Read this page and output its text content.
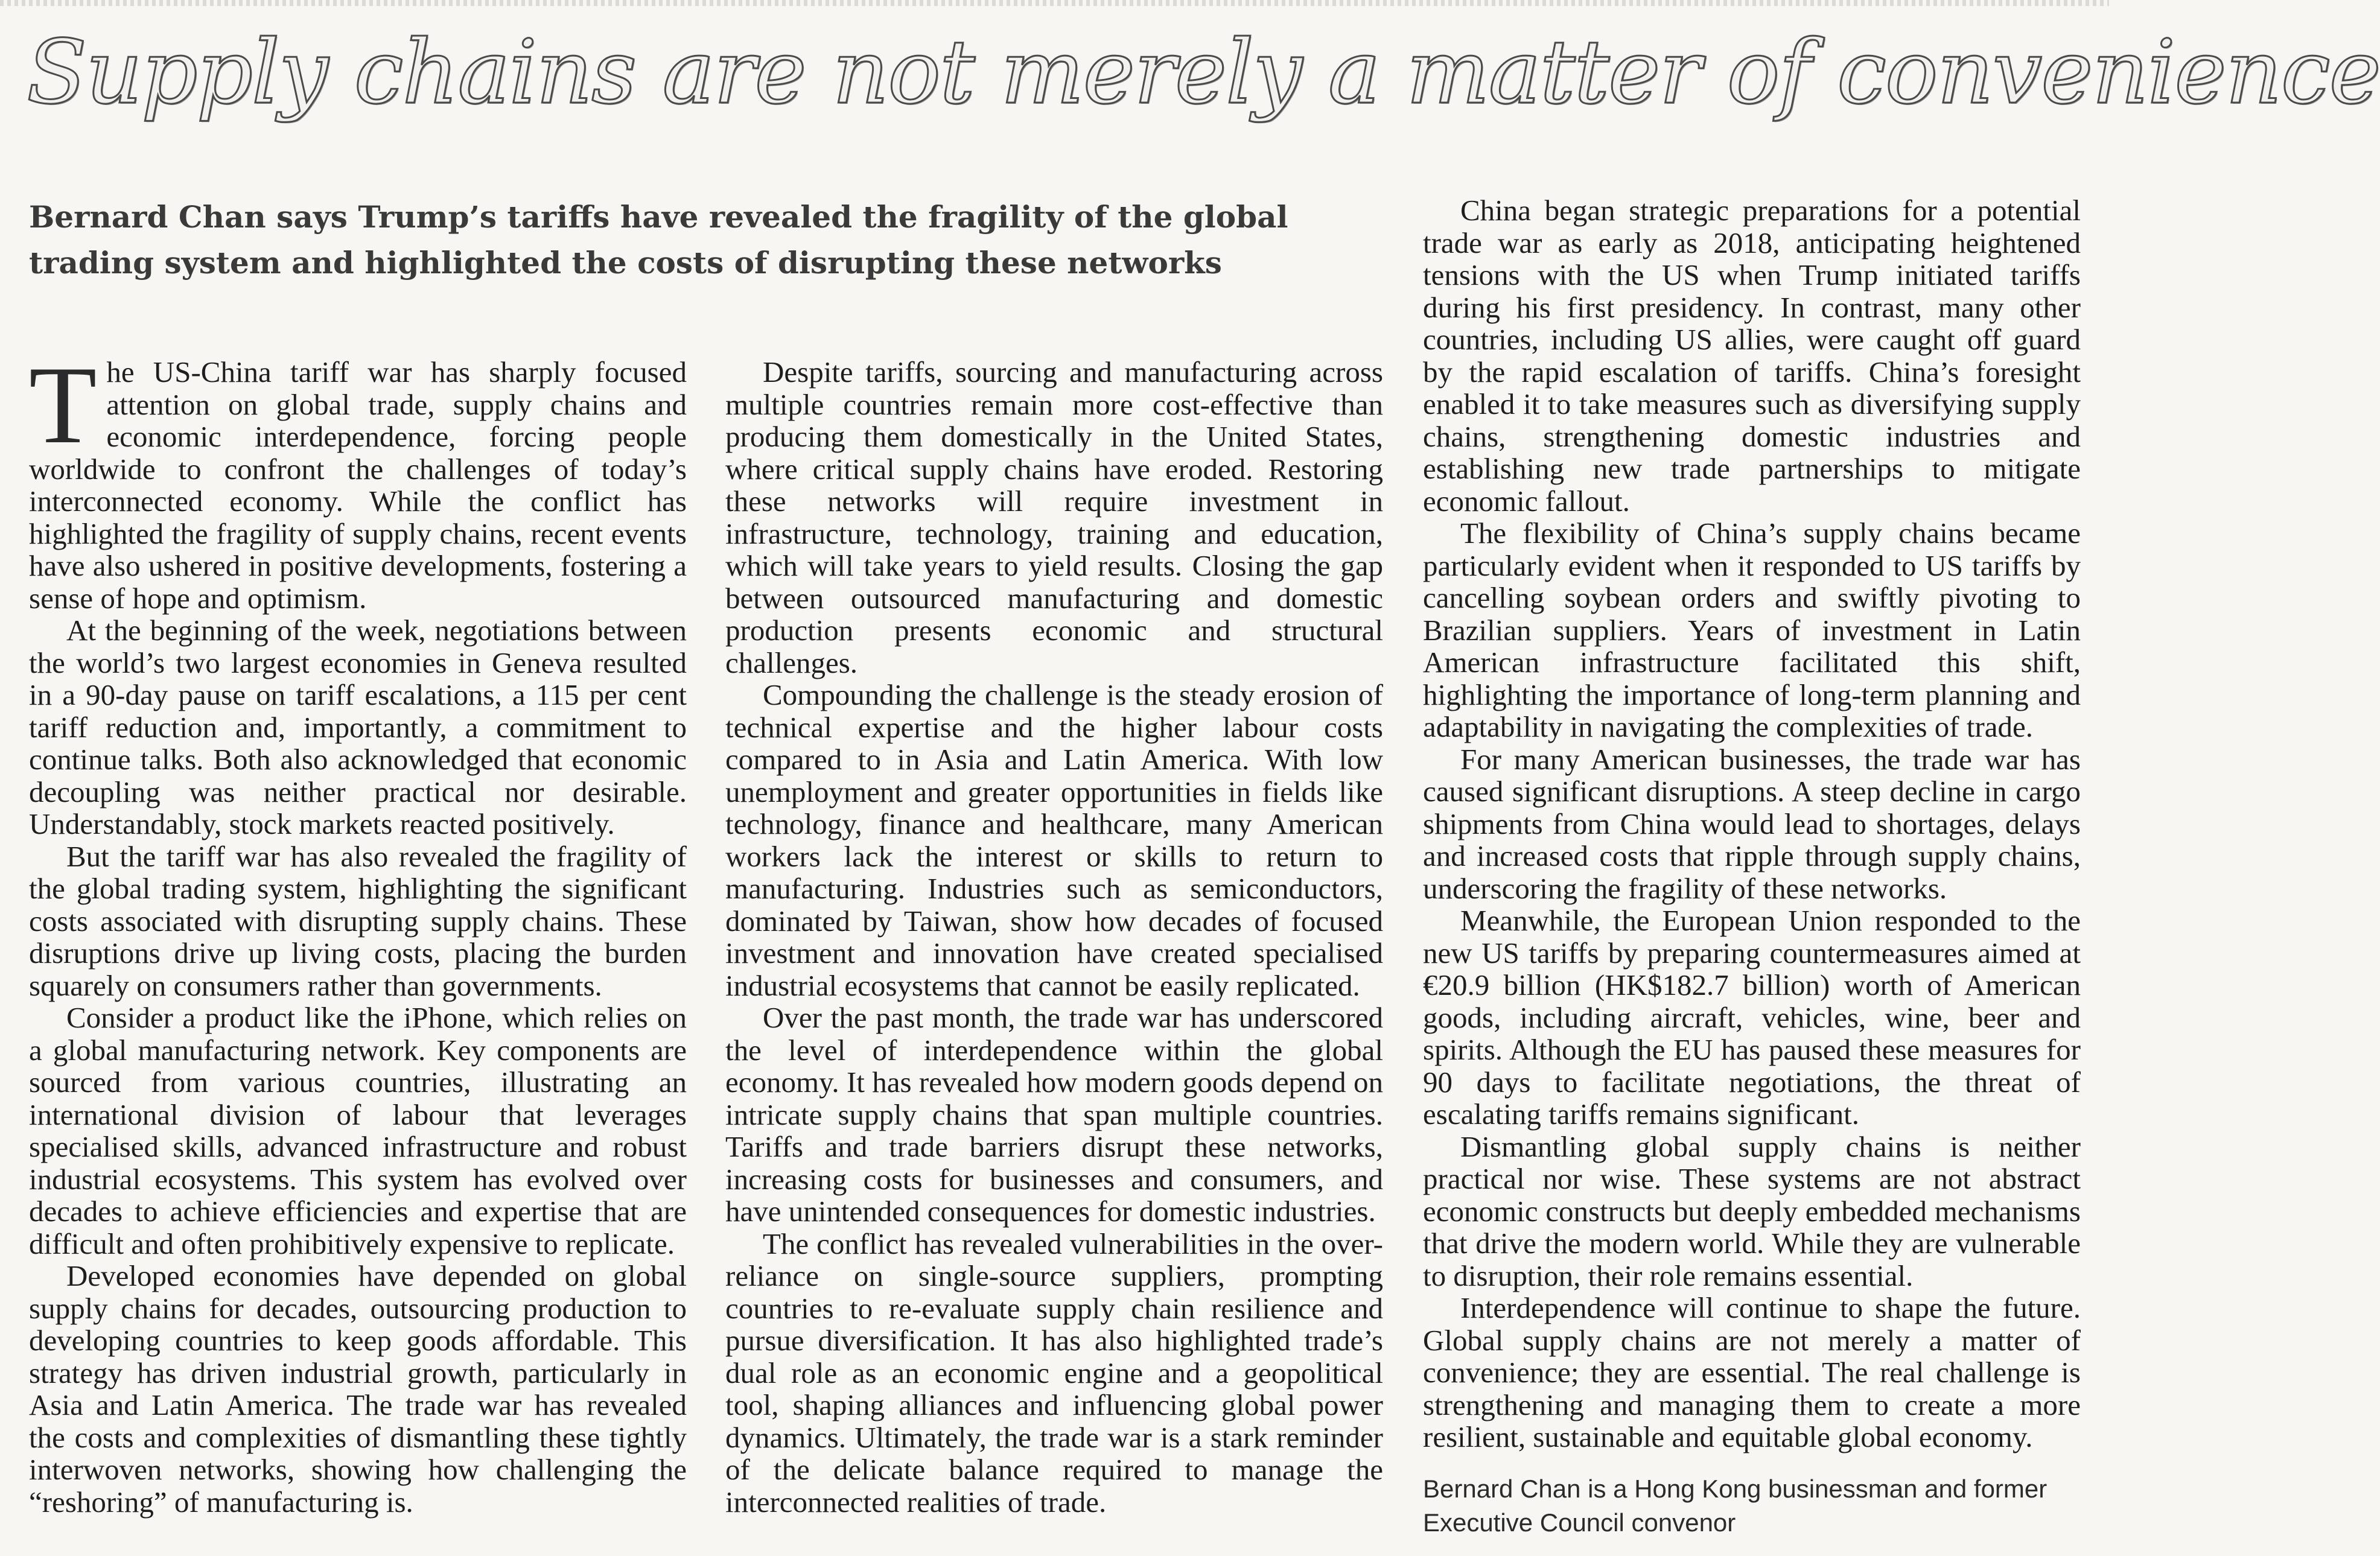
Supply chains are not merely a matter of convenience
Bernard Chan says Trump’s tariffs have revealed the fragility of the global trading system and highlighted the costs of disrupting these networks

The US-China tariff war has sharply focused attention on global trade, supply chains and economic interdependence, forcing people worldwide to confront the challenges of today’s interconnected economy. While the conflict has highlighted the fragility of supply chains, recent events have also ushered in positive developments, fostering a sense of hope and optimism.

At the beginning of the week, negotiations between the world’s two largest economies in Geneva resulted in a 90-day pause on tariff escalations, a 115 per cent tariff reduction and, importantly, a commitment to continue talks. Both also acknowledged that economic decoupling was neither practical nor desirable. Understandably, stock markets reacted positively.

But the tariff war has also revealed the fragility of the global trading system, highlighting the significant costs associated with disrupting supply chains. These disruptions drive up living costs, placing the burden squarely on consumers rather than governments.

Consider a product like the iPhone, which relies on a global manufacturing network. Key components are sourced from various countries, illustrating an international division of labour that leverages specialised skills, advanced infrastructure and robust industrial ecosystems. This system has evolved over decades to achieve efficiencies and expertise that are difficult and often prohibitively expensive to replicate.

Developed economies have depended on global supply chains for decades, outsourcing production to developing countries to keep goods affordable. This strategy has driven industrial growth, particularly in Asia and Latin America. The trade war has revealed the costs and complexities of dismantling these tightly interwoven networks, showing how challenging the “reshoring” of manufacturing is.

Despite tariffs, sourcing and manufacturing across multiple countries remain more cost-effective than producing them domestically in the United States, where critical supply chains have eroded. Restoring these networks will require investment in infrastructure, technology, training and education, which will take years to yield results. Closing the gap between outsourced manufacturing and domestic production presents economic and structural challenges.

Compounding the challenge is the steady erosion of technical expertise and the higher labour costs compared to in Asia and Latin America. With low unemployment and greater opportunities in fields like technology, finance and healthcare, many American workers lack the interest or skills to return to manufacturing. Industries such as semiconductors, dominated by Taiwan, show how decades of focused investment and innovation have created specialised industrial ecosystems that cannot be easily replicated.

Over the past month, the trade war has underscored the level of interdependence within the global economy. It has revealed how modern goods depend on intricate supply chains that span multiple countries. Tariffs and trade barriers disrupt these networks, increasing costs for businesses and consumers, and have unintended consequences for domestic industries.

The conflict has revealed vulnerabilities in the over-reliance on single-source suppliers, prompting countries to re-evaluate supply chain resilience and pursue diversification. It has also highlighted trade’s dual role as an economic engine and a geopolitical tool, shaping alliances and influencing global power dynamics. Ultimately, the trade war is a stark reminder of the delicate balance required to manage the interconnected realities of trade.

China began strategic preparations for a potential trade war as early as 2018, anticipating heightened tensions with the US when Trump initiated tariffs during his first presidency. In contrast, many other countries, including US allies, were caught off guard by the rapid escalation of tariffs. China’s foresight enabled it to take measures such as diversifying supply chains, strengthening domestic industries and establishing new trade partnerships to mitigate economic fallout.

The flexibility of China’s supply chains became particularly evident when it responded to US tariffs by cancelling soybean orders and swiftly pivoting to Brazilian suppliers. Years of investment in Latin American infrastructure facilitated this shift, highlighting the importance of long-term planning and adaptability in navigating the complexities of trade.

For many American businesses, the trade war has caused significant disruptions. A steep decline in cargo shipments from China would lead to shortages, delays and increased costs that ripple through supply chains, underscoring the fragility of these networks.

Meanwhile, the European Union responded to the new US tariffs by preparing countermeasures aimed at €20.9 billion (HK$182.7 billion) worth of American goods, including aircraft, vehicles, wine, beer and spirits. Although the EU has paused these measures for 90 days to facilitate negotiations, the threat of escalating tariffs remains significant.

Dismantling global supply chains is neither practical nor wise. These systems are not abstract economic constructs but deeply embedded mechanisms that drive the modern world. While they are vulnerable to disruption, their role remains essential.

Interdependence will continue to shape the future. Global supply chains are not merely a matter of convenience; they are essential. The real challenge is strengthening and managing them to create a more resilient, sustainable and equitable global economy.

Bernard Chan is a Hong Kong businessman and former Executive Council convenor
